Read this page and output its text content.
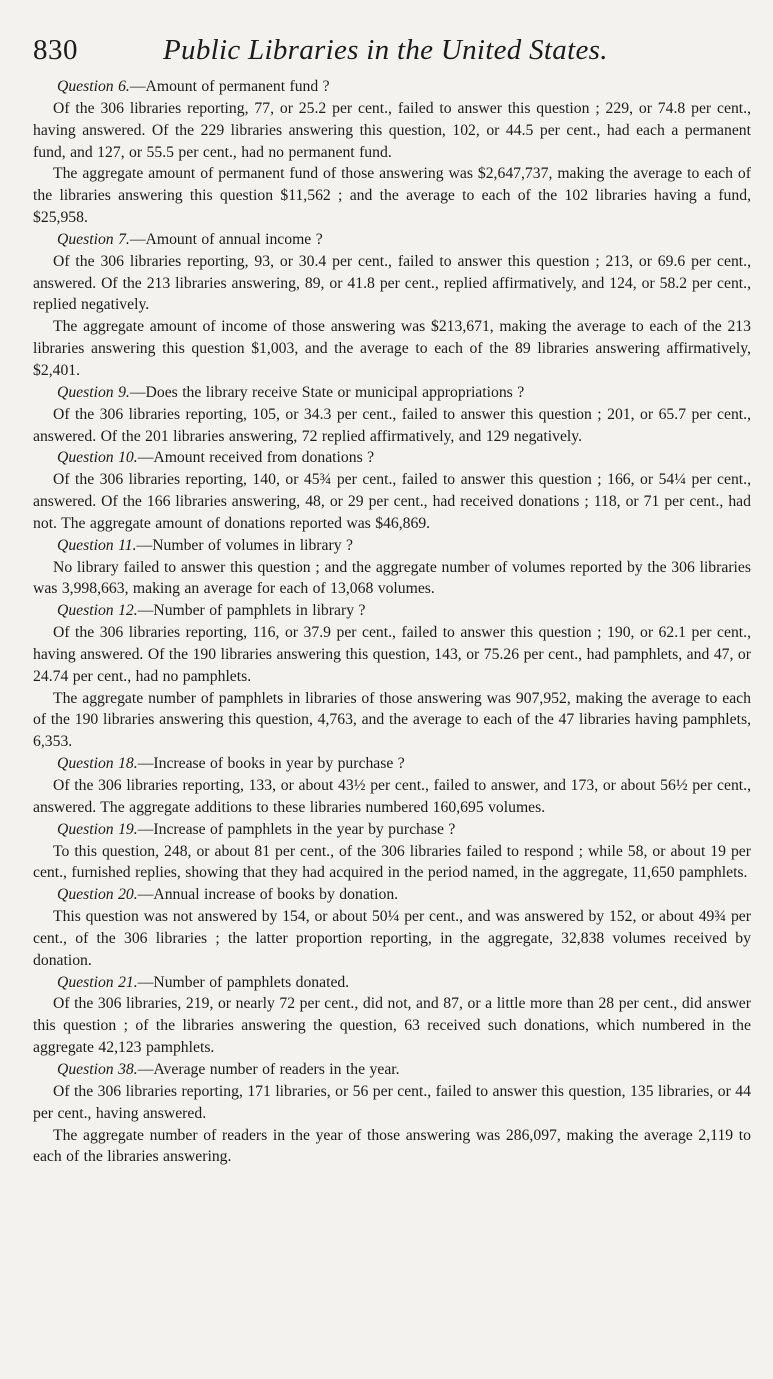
830	Public Libraries in the United States.

Question 6.—Amount of permanent fund ?

Of the 306 libraries reporting, 77, or 25.2 per cent., failed to answer this question ; 229, or 74.8 per cent., having answered. Of the 229 libraries answering this question, 102, or 44.5 per cent., had each a permanent fund, and 127, or 55.5 per cent., had no permanent fund.

The aggregate amount of permanent fund of those answering was $2,647,737, making the average to each of the libraries answering this question $11,562 ; and the average to each of the 102 libraries having a fund, $25,958.

Question 7.—Amount of annual income ?

Of the 306 libraries reporting, 93, or 30.4 per cent., failed to answer this question ; 213, or 69.6 per cent., answered. Of the 213 libraries answering, 89, or 41.8 per cent., replied affirmatively, and 124, or 58.2 per cent., replied negatively.

The aggregate amount of income of those answering was $213,671, making the average to each of the 213 libraries answering this question $1,003, and the average to each of the 89 libraries answering affirmatively, $2,401.

Question 9.—Does the library receive State or municipal appropriations ?

Of the 306 libraries reporting, 105, or 34.3 per cent., failed to answer this question ; 201, or 65.7 per cent., answered. Of the 201 libraries answering, 72 replied affirmatively, and 129 negatively.

Question 10.—Amount received from donations ?

Of the 306 libraries reporting, 140, or 45¾ per cent., failed to answer this question ; 166, or 54¼ per cent., answered. Of the 166 libraries answering, 48, or 29 per cent., had received donations ; 118, or 71 per cent., had not. The aggregate amount of donations reported was $46,869.

Question 11.—Number of volumes in library ?

No library failed to answer this question ; and the aggregate number of volumes reported by the 306 libraries was 3,998,663, making an average for each of 13,068 volumes.

Question 12.—Number of pamphlets in library ?

Of the 306 libraries reporting, 116, or 37.9 per cent., failed to answer this question ; 190, or 62.1 per cent., having answered. Of the 190 libraries answering this question, 143, or 75.26 per cent., had pamphlets, and 47, or 24.74 per cent., had no pamphlets.

The aggregate number of pamphlets in libraries of those answering was 907,952, making the average to each of the 190 libraries answering this question, 4,763, and the average to each of the 47 libraries having pamphlets, 6,353.

Question 18.—Increase of books in year by purchase ?

Of the 306 libraries reporting, 133, or about 43½ per cent., failed to answer, and 173, or about 56½ per cent., answered. The aggregate additions to these libraries numbered 160,695 volumes.

Question 19.—Increase of pamphlets in the year by purchase ?

To this question, 248, or about 81 per cent., of the 306 libraries failed to respond ; while 58, or about 19 per cent., furnished replies, showing that they had acquired in the period named, in the aggregate, 11,650 pamphlets.

Question 20.—Annual increase of books by donation.

This question was not answered by 154, or about 50¼ per cent., and was answered by 152, or about 49¾ per cent., of the 306 libraries ; the latter proportion reporting, in the aggregate, 32,838 volumes received by donation.

Question 21.—Number of pamphlets donated.

Of the 306 libraries, 219, or nearly 72 per cent., did not, and 87, or a little more than 28 per cent., did answer this question ; of the libraries answering the question, 63 received such donations, which numbered in the aggregate 42,123 pamphlets.

Question 38.—Average number of readers in the year.

Of the 306 libraries reporting, 171 libraries, or 56 per cent., failed to answer this question, 135 libraries, or 44 per cent., having answered.

The aggregate number of readers in the year of those answering was 286,097, making the average 2,119 to each of the libraries answering.
